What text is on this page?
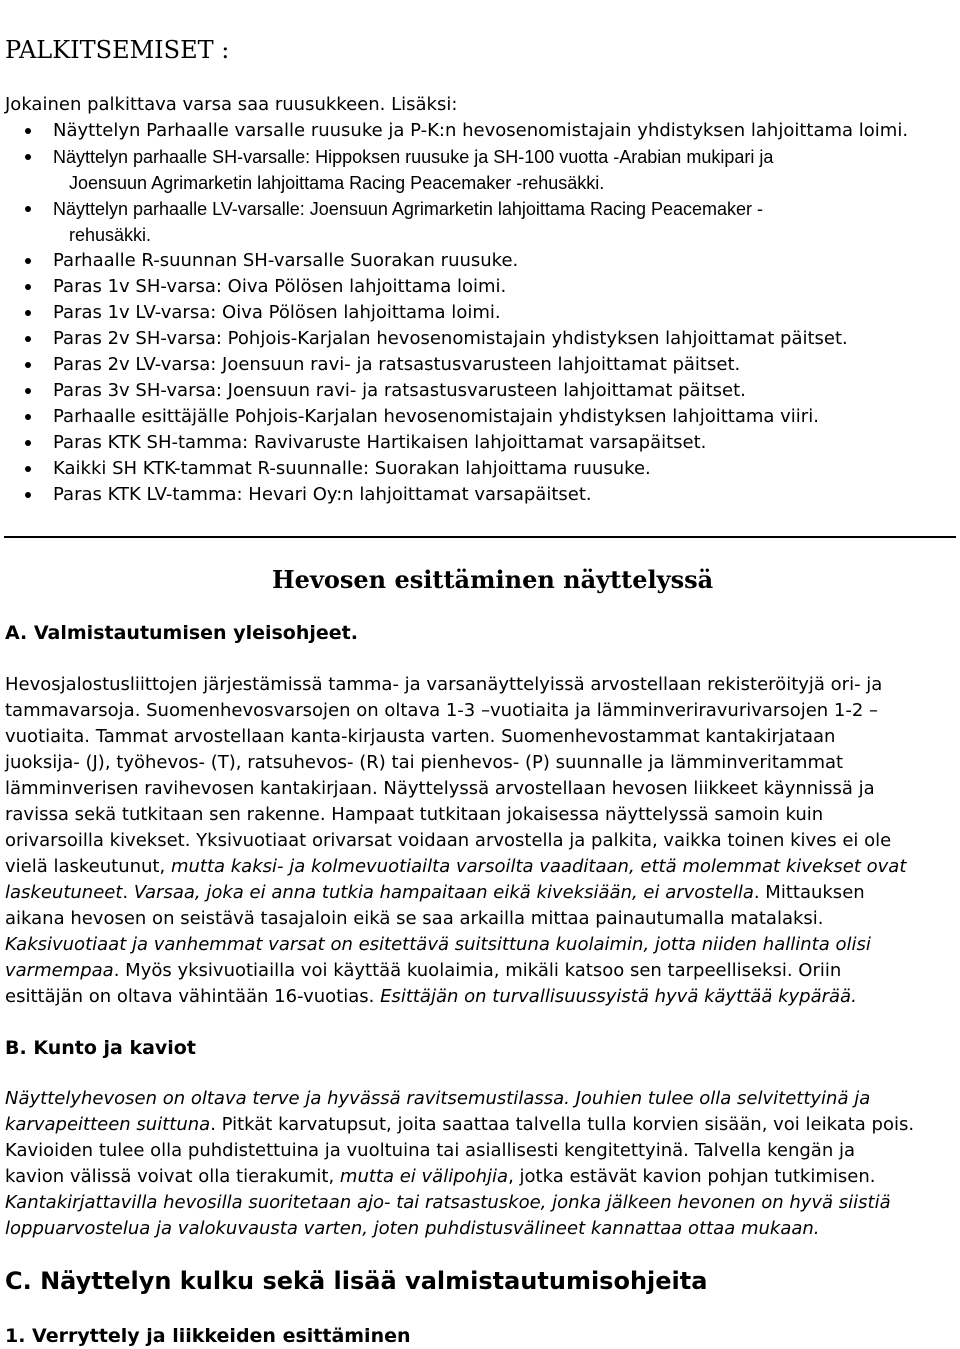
PALKITSEMISET :
Jokainen palkittava varsa saa ruusukkeen. Lisäksi:
Näyttelyn Parhaalle varsalle ruusuke ja P-K:n hevosenomistajain yhdistyksen lahjoittama loimi.
Näyttelyn parhaalle SH-varsalle: Hippoksen ruusuke ja SH-100 vuotta -Arabian mukipari ja
Joensuun Agrimarketin lahjoittama Racing Peacemaker -rehusäkki.
Näyttelyn parhaalle LV-varsalle: Joensuun Agrimarketin lahjoittama Racing Peacemaker -
rehusäkki.
Parhaalle R-suunnan SH-varsalle Suorakan ruusuke.
Paras 1v SH-varsa: Oiva Pölösen lahjoittama loimi.
Paras 1v LV-varsa: Oiva Pölösen lahjoittama loimi.
Paras 2v SH-varsa: Pohjois-Karjalan hevosenomistajain yhdistyksen lahjoittamat päitset.
Paras 2v LV-varsa: Joensuun ravi- ja ratsastusvarusteen lahjoittamat päitset.
Paras 3v SH-varsa: Joensuun ravi- ja ratsastusvarusteen lahjoittamat päitset.
Parhaalle esittäjälle Pohjois-Karjalan hevosenomistajain yhdistyksen lahjoittama viiri.
Paras KTK SH-tamma: Ravivaruste Hartikaisen lahjoittamat varsapäitset.
Kaikki SH KTK-tammat R-suunnalle: Suorakan lahjoittama ruusuke.
Paras KTK LV-tamma: Hevari Oy:n lahjoittamat varsapäitset.
Hevosen esittäminen näyttelyssä
A. Valmistautumisen yleisohjeet.

Hevosjalostusliittojen järjestämissä tamma- ja varsanäyttelyissä arvostellaan rekisteröityjä ori- ja
tammavarsoja. Suomenhevosvarsojen on oltava 1-3 –vuotiaita ja lämminveriravurivarsojen 1-2 –
vuotiaita. Tammat arvostellaan kanta-kirjausta varten. Suomenhevostammat kantakirjataan
juoksija- (J), työhevos- (T), ratsuhevos- (R) tai pienhevos- (P) suunnalle ja lämminveritammat
lämminverisen ravihevosen kantakirjaan. Näyttelyssä arvostellaan hevosen liikkeet käynnissä ja
ravissa sekä tutkitaan sen rakenne. Hampaat tutkitaan jokaisessa näyttelyssä samoin kuin
orivarsoilla kivekset. Yksivuotiaat orivarsat voidaan arvostella ja palkita, vaikka toinen kives ei ole
vielä laskeutunut, mutta kaksi- ja kolmevuotiailta varsoilta vaaditaan, että molemmat kivekset ovat
laskeutuneet. Varsaa, joka ei anna tutkia hampaitaan eikä kiveksiään, ei arvostella. Mittauksen
aikana hevosen on seistävä tasajaloin eikä se saa arkailla mittaa painautumalla matalaksi.
Kaksivuotiaat ja vanhemmat varsat on esitettävä suitsittuna kuolaimin, jotta niiden hallinta olisi
varmempaa. Myös yksivuotiailla voi käyttää kuolaimia, mikäli katsoo sen tarpeelliseksi. Oriin
esittäjän on oltava vähintään 16-vuotias. Esittäjän on turvallisuussyistä hyvä käyttää kypärää.

B. Kunto ja kaviot

Näyttelyhevosen on oltava terve ja hyvässä ravitsemustilassa. Jouhien tulee olla selvitettyinä ja
karvapeitteen suittuna. Pitkät karvatupsut, joita saattaa talvella tulla korvien sisään, voi leikata pois.
Kavioiden tulee olla puhdistettuina ja vuoltuina tai asiallisesti kengitettyinä. Talvella kengän ja
kavion välissä voivat olla tierakumit, mutta ei välipohjia, jotka estävät kavion pohjan tutkimisen.
Kantakirjattavilla hevosilla suoritetaan ajo- tai ratsastuskoe, jonka jälkeen hevonen on hyvä siistiä
loppuarvostelua ja valokuvausta varten, joten puhdistusvälineet kannattaa ottaa mukaan.

C. Näyttelyn kulku sekä lisää valmistautumisohjeita
1. Verryttely ja liikkeiden esittäminen
